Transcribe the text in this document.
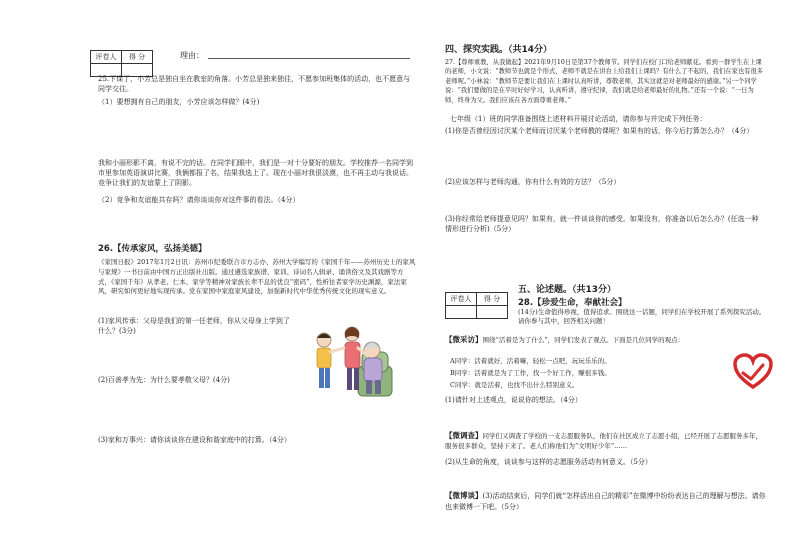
评卷人	得 分
		理由：

25.下课了，小芳总是独自坐在教室的角落。小芳总是独来独往，不愿参加班集体的活动，也不愿意与同学交往。

（1）要想拥有自己的朋友，小芳应该怎样做？(4分)

我和小丽形影不离，有说不完的话。在同学们眼中，我们是一对十分要好的朋友。学校推荐一名同学到市里参加英语演讲比赛，我俩都报了名，结果我选上了。现在小丽对我很淡漠，也不再主动与我说话。竞争让我们的友谊蒙上了阴影。

（2）竞争和友谊能共存吗？请你谈谈你对这件事的看法。（4分）

26.【传承家风，弘扬美德】

《家国日报》2017年1月2日讯：苏州市纪委联合市方志办、苏州大学编写的《家国千年——苏州历史上的家风与家规》一书日前由中国方正出版社出版。通过遴选家族谱、家训、诗词名人辑录、诵读俗文及其戏剧等方式，《家国千年》从孝老、仁本、家学等精神对家族长辈不息的优良“密码”，性析往者家学历史渊源，家法家风，研究如何更好地实现传承。党在家国中家庭家风建设，加强新时代中华优秀传统文化的现实意义。

(1)家风传承：父母是我们的第一任老师，你从父母身上学到了什么？(3分)

(2)百善孝为先：为什么要孝敬父母？(4分)

(3)家和万事兴：请你谈谈你在建设和谐家庭中的打算。（4分）

四、探究实践。（共14分）

27.【尊师重教，从我做起】2021年9月10日是第37个教师节。同学们在校门口给老师献花。看到一群学生在上课的老师，小文说：“教师节也就是个形式，老师不就是在讲台上给我们上课吗？有什么了不起的，我们在家也有很多老师呢。”小林说：“教师节是要让我们在上课时认真听讲，尊敬老师，其实这就是对老师最好的感谢。”另一个同学说：“我们要做的是在平时好好学习，认真听讲，遵守纪律，我们就是给老师最好的礼物。”还有一个说：“一日为师，终身为父。我们应该在各方面尊重老师。”

七年级（1）班的同学准备围绕上述材料开展讨论活动，请你参与并完成下列任务：

(1)你是否曾经因讨厌某个老师而讨厌某个老师教的课呢？如果有的话，你今后打算怎么办？（4分）

(2)应该怎样与老师沟通，你有什么有效的方法？（5分）

(3)你经常给老师提意见吗？如果有，就一件谈谈你的感受。如果没有，你准备以后怎么办？(任选一种情形进行分析)（5分）

评卷人	得 分

五、论述题。（共13分）

28.【珍爱生命，奉献社会】

(14分)生命值得珍视，值得追求。围绕这一话题，同学们在学校开展了系列探究活动。请你参与其中，回答相关问题！

【微采访】围绕“活着是为了什么”，同学们发表了观点。下面是几位同学的观点：

A同学：活着就好，活着嘛，轻松一点吧，玩玩乐乐的。

B同学：活着就是为了工作，找一个好工作，赚很多钱。

C同学：就是活着，也找不出什么特别意义。

(1)请针对上述观点，说说你的想法。（4分）

【微调查】同学们又调查了学校的一支志愿服务队，他们在社区成立了志愿小组，已经开展了志愿服务多年，服务很多群众，坚持下来了。老人们称他们为“文明好少年”……

(2)从生命的角度，谈谈参与这样的志愿服务活动有何意义。（5分）

【微博谈】(3)活动结束后，同学们就“怎样活出自己的精彩”在微博中纷纷表达自己的理解与想法。请你也来微博一下吧。（5分）
